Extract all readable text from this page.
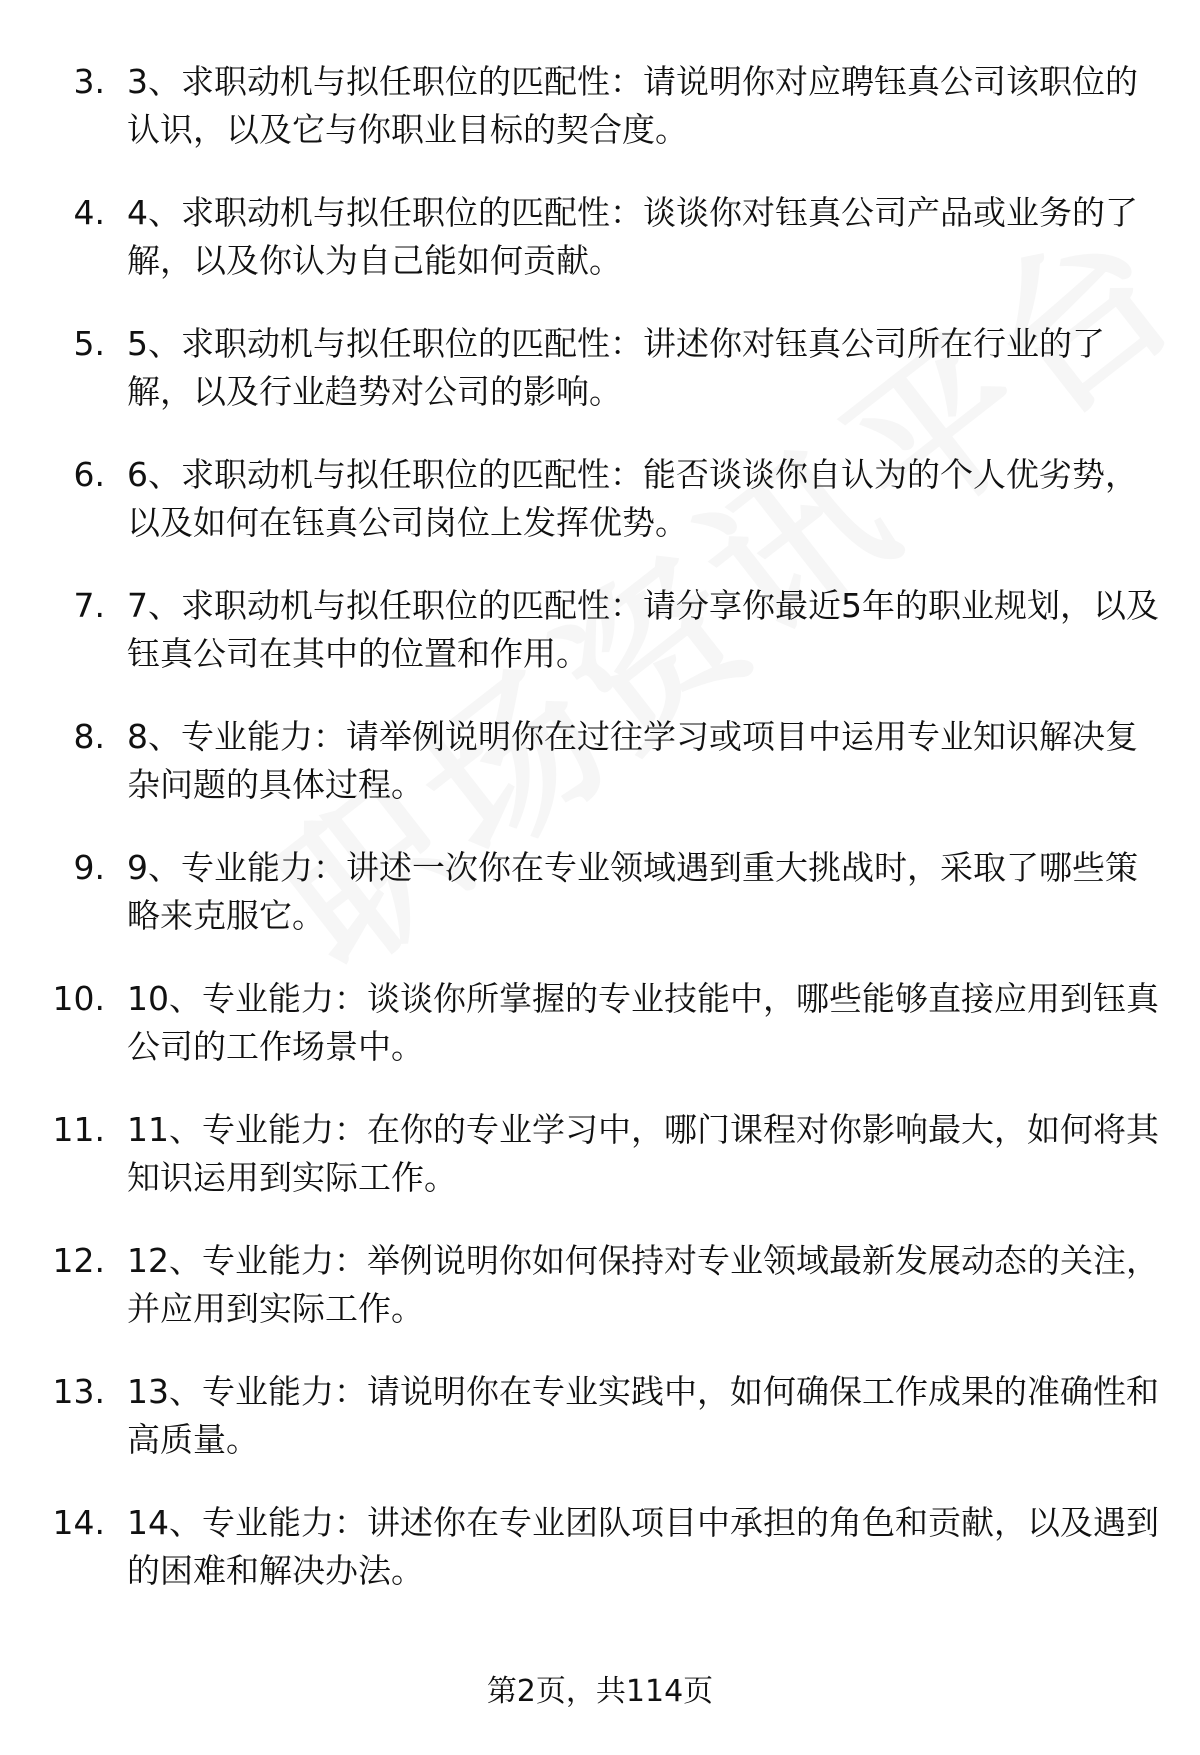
3. 3、求职动机与拟任职位的匹配性：请说明你对应聘钰真公司该职位的认识，以及它与你职业目标的契合度。

4. 4、求职动机与拟任职位的匹配性：谈谈你对钰真公司产品或业务的了解，以及你认为自己能如何贡献。

5. 5、求职动机与拟任职位的匹配性：讲述你对钰真公司所在行业的了解，以及行业趋势对公司的影响。

6. 6、求职动机与拟任职位的匹配性：能否谈谈你自认为的个人优劣势，以及如何在钰真公司岗位上发挥优势。

7. 7、求职动机与拟任职位的匹配性：请分享你最近5年的职业规划，以及钰真公司在其中的位置和作用。

8. 8、专业能力：请举例说明你在过往学习或项目中运用专业知识解决复杂问题的具体过程。

9. 9、专业能力：讲述一次你在专业领域遇到重大挑战时，采取了哪些策略来克服它。

10. 10、专业能力：谈谈你所掌握的专业技能中，哪些能够直接应用到钰真公司的工作场景中。

11. 11、专业能力：在你的专业学习中，哪门课程对你影响最大，如何将其知识运用到实际工作。

12. 12、专业能力：举例说明你如何保持对专业领域最新发展动态的关注，并应用到实际工作。

13. 13、专业能力：请说明你在专业实践中，如何确保工作成果的准确性和高质量。

14. 14、专业能力：讲述你在专业团队项目中承担的角色和贡献，以及遇到的困难和解决办法。

第2页，共114页
